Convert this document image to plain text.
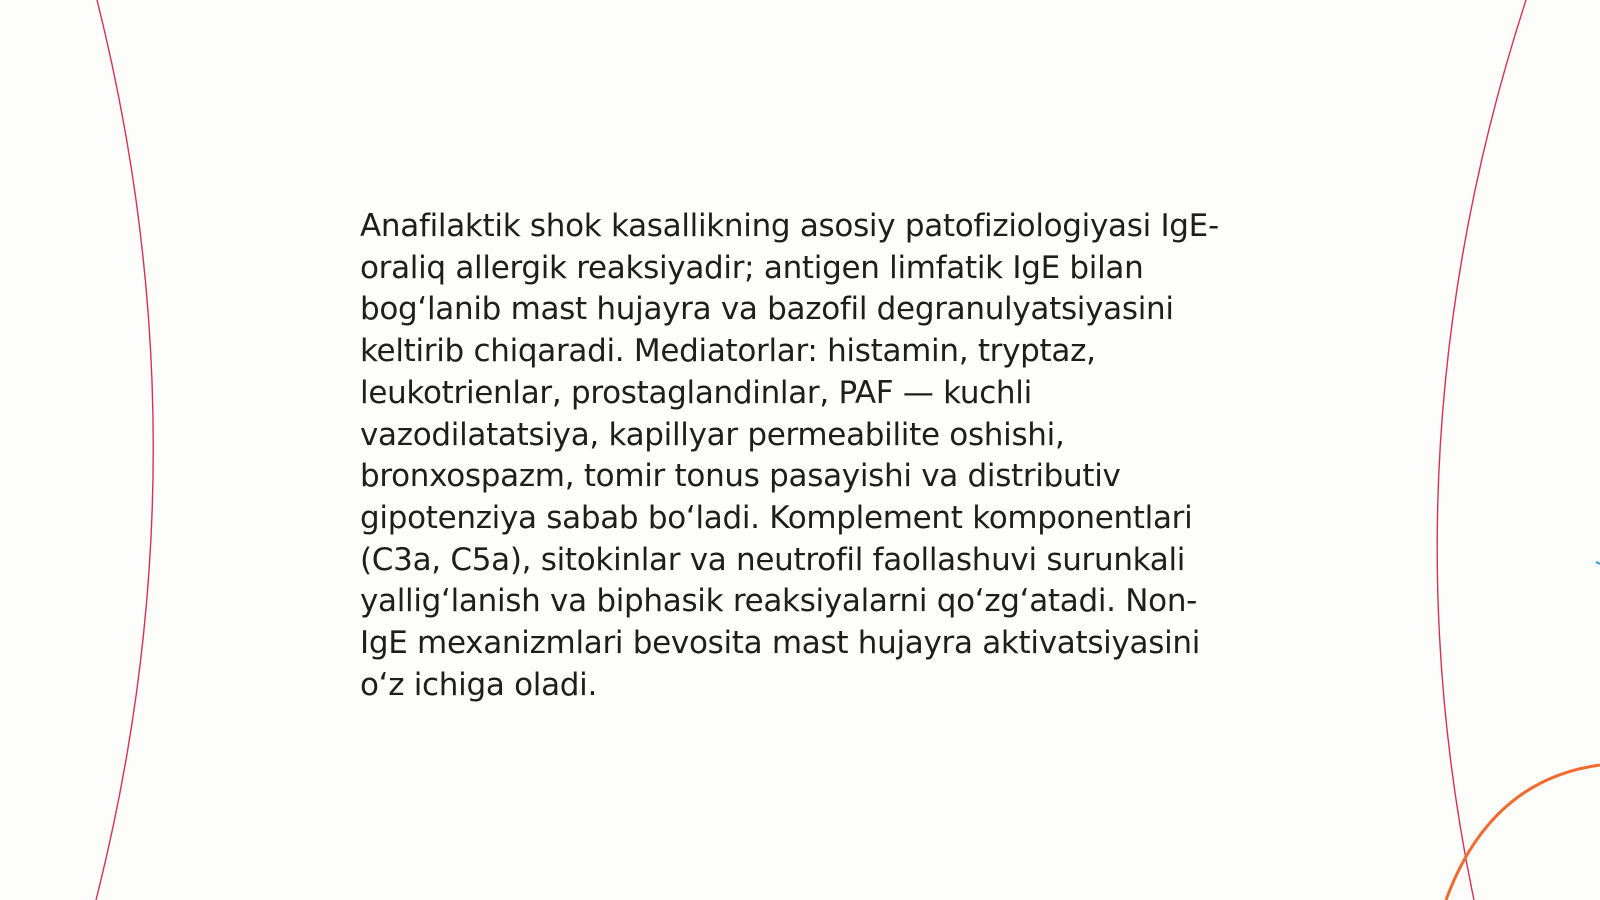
Anafilaktik shok kasallikning asosiy patofiziologiyasi IgE-oraliq allergik reaksiyadir; antigen limfatik IgE bilan bog‘lanib mast hujayra va bazofil degranulyatsiyasini keltirib chiqaradi. Mediatorlar: histamin, tryptaz, leukotrienlar, prostaglandinlar, PAF — kuchli vazodilatatsiya, kapillyar permeabilite oshishi, bronxospazm, tomir tonus pasayishi va distributiv gipotenziya sabab bo‘ladi. Komplement komponentlari (C3a, C5a), sitokinlar va neutrofil faollashuvi surunkali yallig‘lanish va biphasik reaksiyalarni qo‘zg‘atadi. Non-IgE mexanizmlari bevosita mast hujayra aktivatsiyasini o‘z ichiga oladi.
